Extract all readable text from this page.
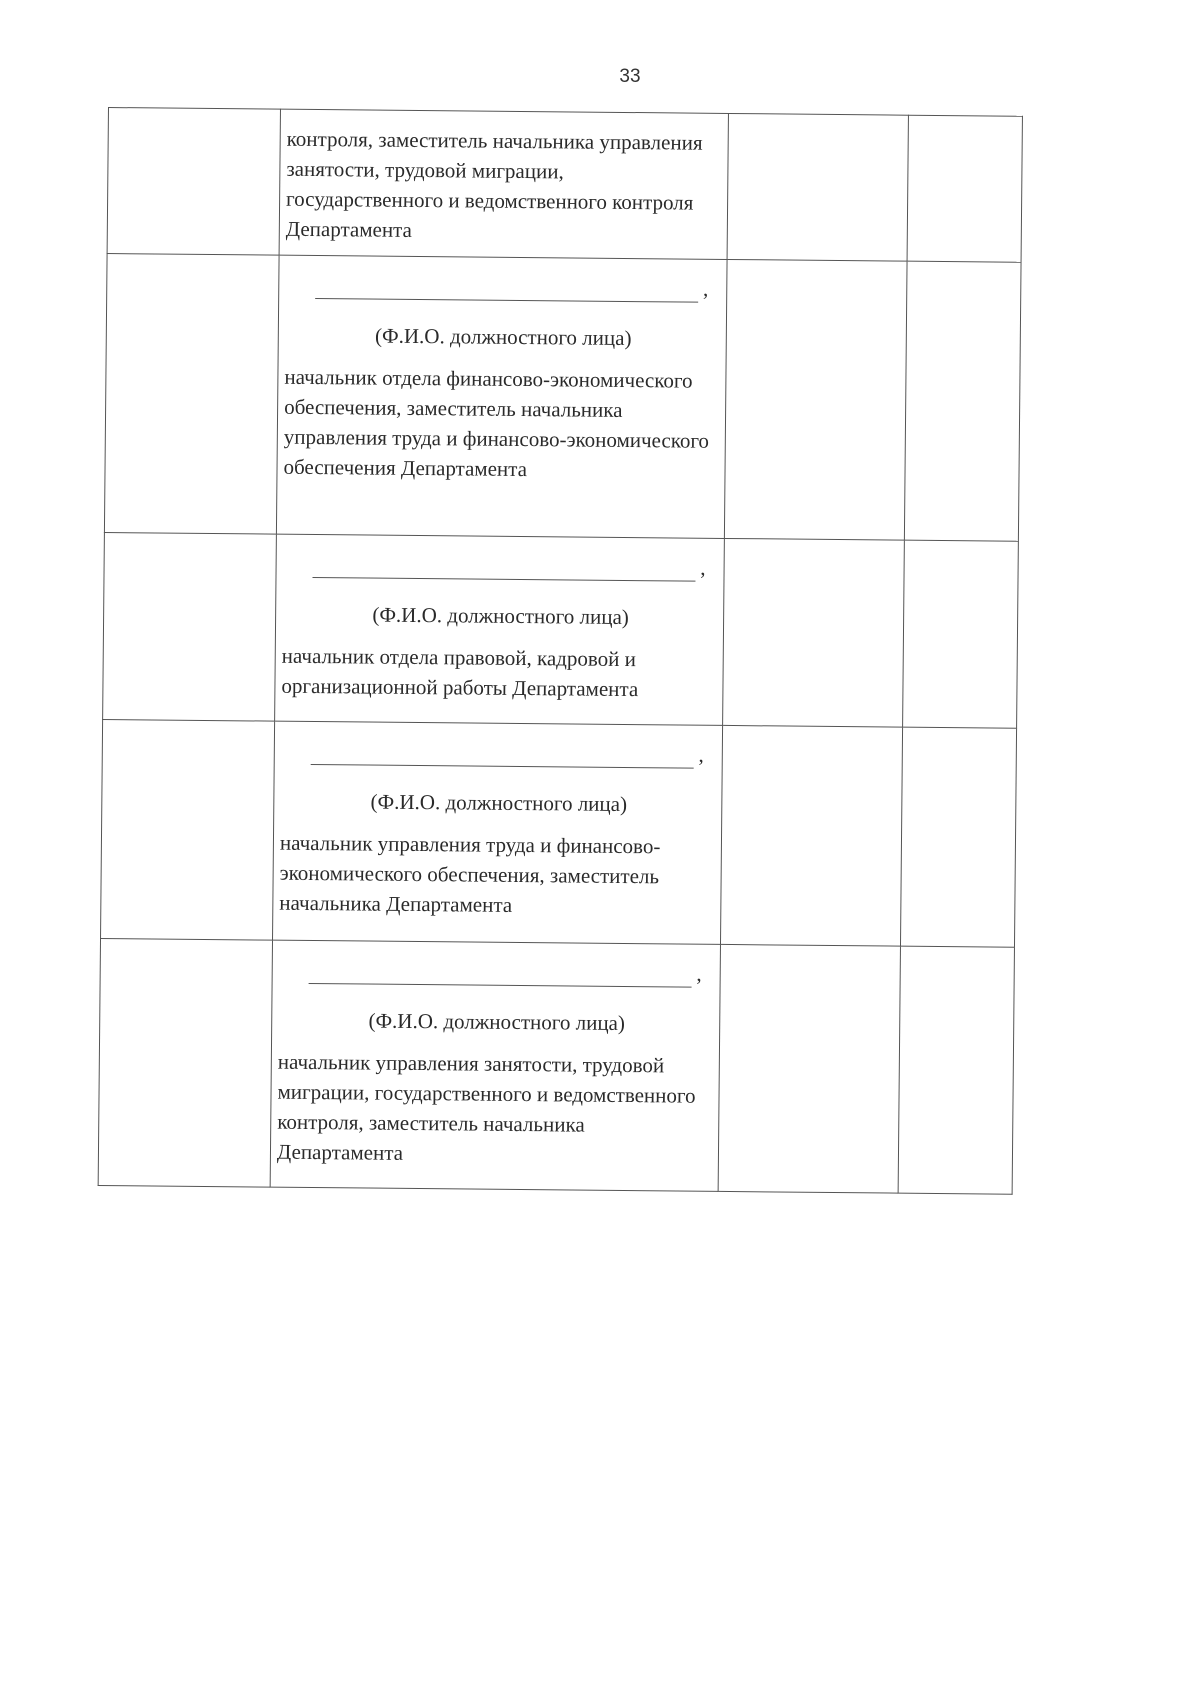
33

	контроля, заместитель начальника управления занятости, трудовой миграции, государственного и ведомственного контроля Департамента		

	,
(Ф.И.О. должностного лица)
начальник отдела финансово-экономического обеспечения, заместитель начальника управления труда и финансово-экономического обеспечения Департамента		

	,
(Ф.И.О. должностного лица)
начальник отдела правовой, кадровой и организационной работы Департамента		

	,
(Ф.И.О. должностного лица)
начальник управления труда и финансово-экономического обеспечения, заместитель начальника Департамента		

	,
(Ф.И.О. должностного лица)
начальник управления занятости, трудовой миграции, государственного и ведомственного контроля, заместитель начальника Департамента		
